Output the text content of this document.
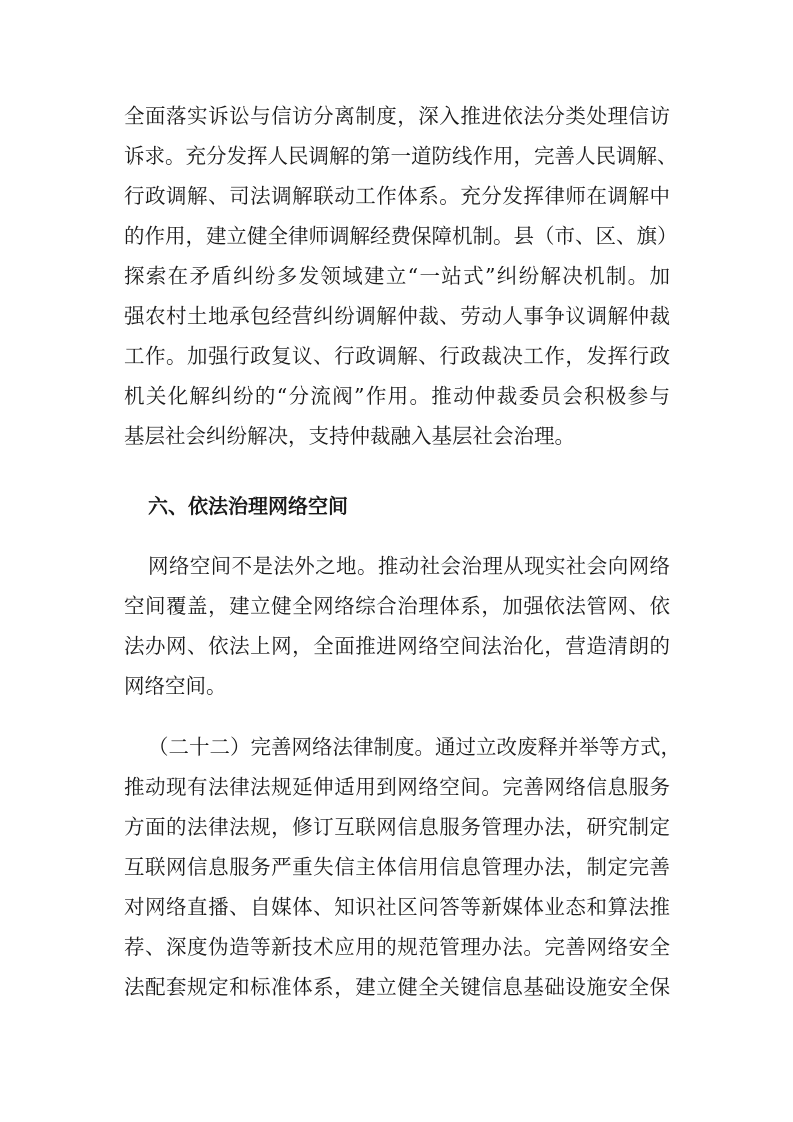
全面落实诉讼与信访分离制度，深入推进依法分类处理信访
诉求。充分发挥人民调解的第一道防线作用，完善人民调解、
行政调解、司法调解联动工作体系。充分发挥律师在调解中
的作用，建立健全律师调解经费保障机制。县（市、区、旗）
探索在矛盾纠纷多发领域建立“一站式”纠纷解决机制。加
强农村土地承包经营纠纷调解仲裁、劳动人事争议调解仲裁
工作。加强行政复议、行政调解、行政裁决工作，发挥行政
机关化解纠纷的“分流阀”作用。推动仲裁委员会积极参与
基层社会纠纷解决，支持仲裁融入基层社会治理。
六、依法治理网络空间
网络空间不是法外之地。推动社会治理从现实社会向网络
空间覆盖，建立健全网络综合治理体系，加强依法管网、依
法办网、依法上网，全面推进网络空间法治化，营造清朗的
网络空间。
（二十二）完善网络法律制度。通过立改废释并举等方式，
推动现有法律法规延伸适用到网络空间。完善网络信息服务
方面的法律法规，修订互联网信息服务管理办法，研究制定
互联网信息服务严重失信主体信用信息管理办法，制定完善
对网络直播、自媒体、知识社区问答等新媒体业态和算法推
荐、深度伪造等新技术应用的规范管理办法。完善网络安全
法配套规定和标准体系，建立健全关键信息基础设施安全保
